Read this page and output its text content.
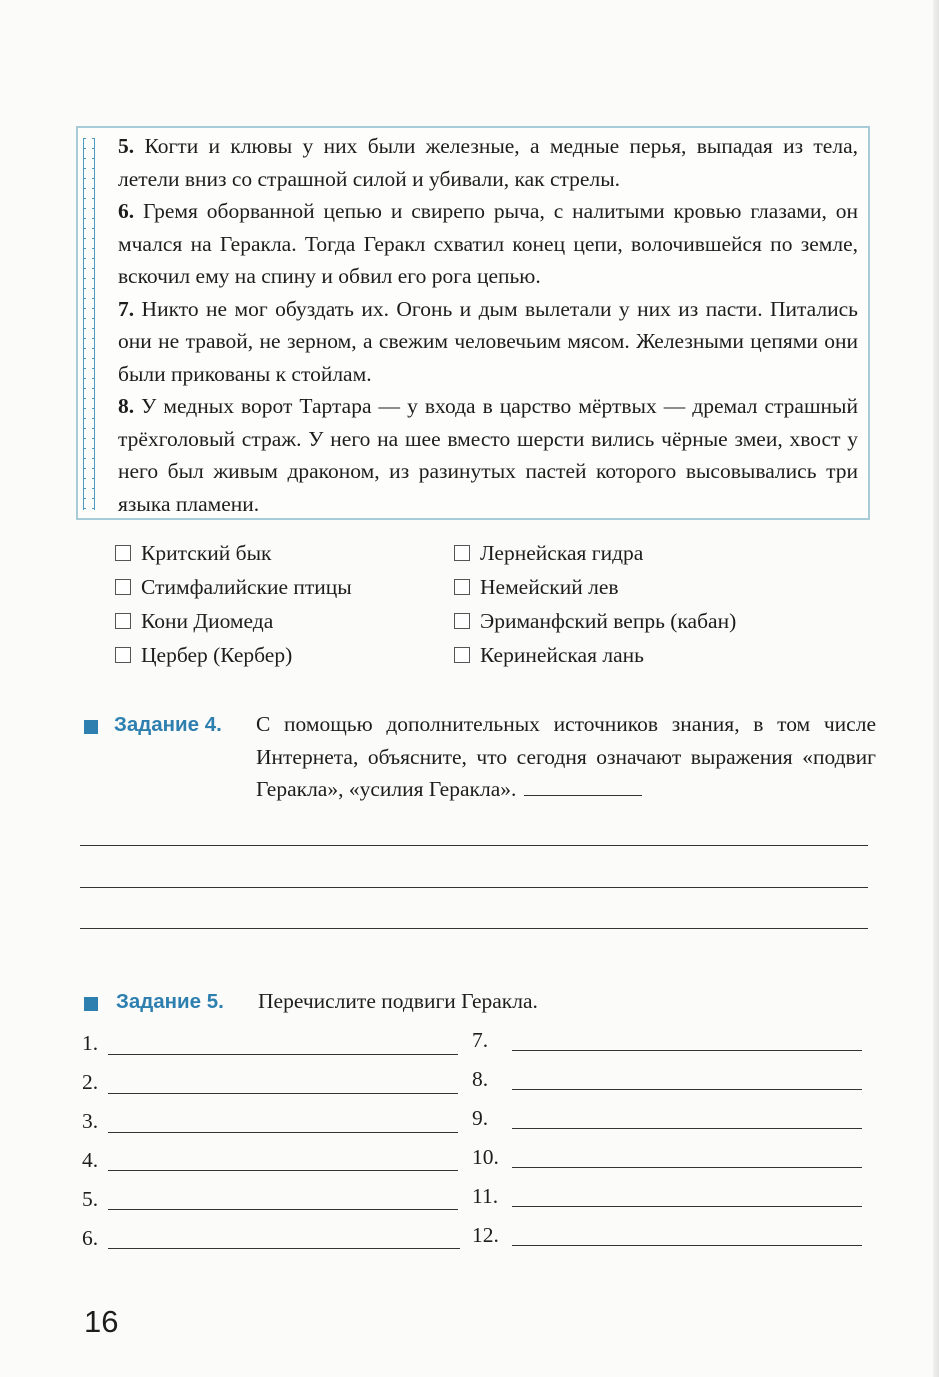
5. Когти и клювы у них были железные, а медные перья, выпадая из тела, летели вниз со страшной силой и убивали, как стрелы.

6. Гремя оборванной цепью и свирепо рыча, с налитыми кровью глазами, он мчался на Геракла. Тогда Геракл схватил конец цепи, волочившейся по земле, вскочил ему на спину и обвил его рога цепью.

7. Никто не мог обуздать их. Огонь и дым вылетали у них из пасти. Питались они не травой, не зерном, а свежим человечьим мясом. Железными цепями они были прикованы к стойлам.

8. У медных ворот Тартара — у входа в царство мёртвых — дремал страшный трёхголовый страж. У него на шее вместо шерсти вились чёрные змеи, хвост у него был живым драконом, из разинутых пастей которого высовывались три языка пламени.

Критский бык
Стимфалийские птицы
Кони Диомеда
Цербер (Кербер)
Лернейская гидра
Немейский лев
Эриманфский вепрь (кабан)
Керинейская лань
Задание 4. С помощью дополнительных источников знания, в том числе Интернета, объясните, что сегодня означают выражения «подвиг Геракла», «усилия Геракла».
Задание 5. Перечислите подвиги Геракла.
1.
2.
3.
4.
5.
6.
7.
8.
9.
10.
11.
12.
16
